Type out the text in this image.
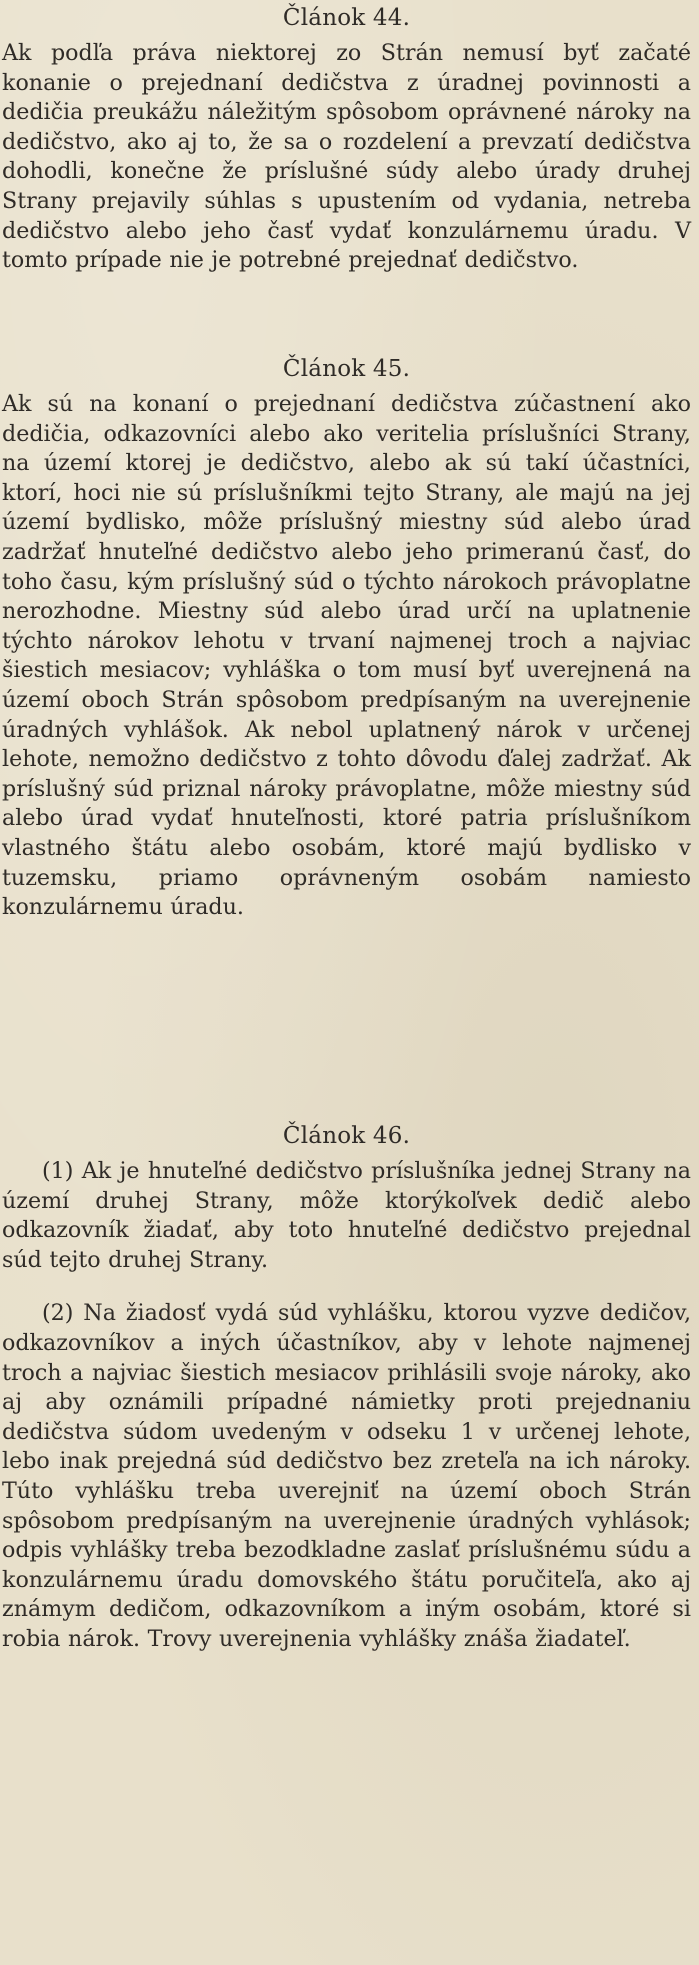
Článok 44.

Ak podľa práva niektorej zo Strán nemusí byť začaté konanie o prejednaní dedičstva z úradnej povinnosti a dedičia preukážu náležitým spôsobom oprávnené nároky na dedičstvo, ako aj to, že sa o rozdelení a prevzatí dedičstva dohodli, konečne že príslušné súdy alebo úrady druhej Strany prejavily súhlas s upustením od vydania, netreba dedičstvo alebo jeho časť vydať konzulárnemu úradu. V tomto prípade nie je potrebné prejednať dedičstvo.

Článok 45.

Ak sú na konaní o prejednaní dedičstva zúčastnení ako dedičia, odkazovníci alebo ako veritelia príslušníci Strany, na území ktorej je dedičstvo, alebo ak sú takí účastníci, ktorí, hoci nie sú príslušníkmi tejto Strany, ale majú na jej území bydlisko, môže príslušný miestny súd alebo úrad zadržať hnuteľné dedičstvo alebo jeho primeranú časť, do toho času, kým príslušný súd o týchto nárokoch právoplatne nerozhodne. Miestny súd alebo úrad určí na uplatnenie týchto nárokov lehotu v trvaní najmenej troch a najviac šiestich mesiacov; vyhláška o tom musí byť uverejnená na území oboch Strán spôsobom predpísaným na uverejnenie úradných vyhlášok. Ak nebol uplatnený nárok v určenej lehote, nemožno dedičstvo z tohto dôvodu ďalej zadržať. Ak príslušný súd priznal nároky právoplatne, môže miestny súd alebo úrad vydať hnuteľnosti, ktoré patria príslušníkom vlastného štátu alebo osobám, ktoré majú bydlisko v tuzemsku, priamo oprávneným osobám namiesto konzulárnemu úradu.

Článok 46.

(1) Ak je hnuteľné dedičstvo príslušníka jednej Strany na území druhej Strany, môže ktorýkoľvek dedič alebo odkazovník žiadať, aby toto hnuteľné dedičstvo prejednal súd tejto druhej Strany.

(2) Na žiadosť vydá súd vyhlášku, ktorou vyzve dedičov, odkazovníkov a iných účastníkov, aby v lehote najmenej troch a najviac šiestich mesiacov prihlásili svoje nároky, ako aj aby oznámili prípadné námietky proti prejednaniu dedičstva súdom uvedeným v odseku 1 v určenej lehote, lebo inak prejedná súd dedičstvo bez zreteľa na ich nároky. Túto vyhlášku treba uverejniť na území oboch Strán spôsobom predpísaným na uverejnenie úradných vyhlások; odpis vyhlášky treba bezodkladne zaslať príslušnému súdu a konzulárnemu úradu domovského štátu poručiteľa, ako aj známym dedičom, odkazovníkom a iným osobám, ktoré si robia nárok. Trovy uverejnenia vyhlášky znáša žiadateľ.
